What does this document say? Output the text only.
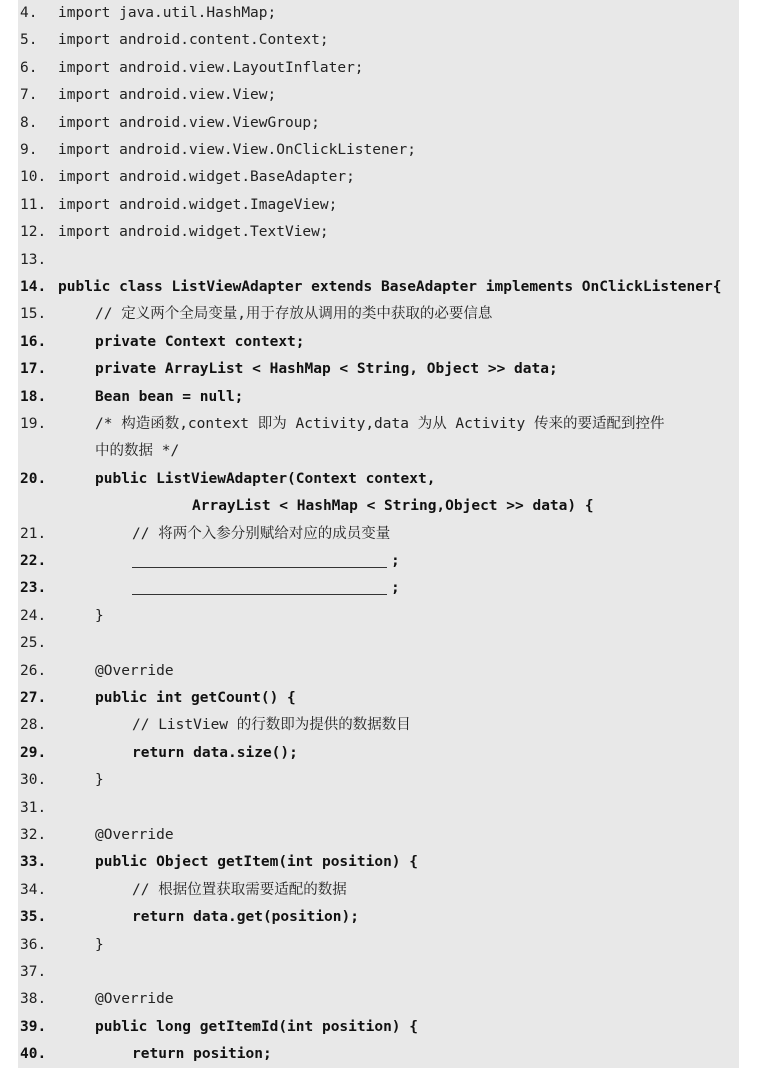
4.	import java.util.HashMap;
5.	import android.content.Context;
6.	import android.view.LayoutInflater;
7.	import android.view.View;
8.	import android.view.ViewGroup;
9.	import android.view.View.OnClickListener;
10. import android.widget.BaseAdapter;
11. import android.widget.ImageView;
12. import android.widget.TextView;
13.
14. public class ListViewAdapter extends BaseAdapter implements OnClickListener{
15.	// 定义两个全局变量,用于存放从调用的类中获取的必要信息
16.	private Context context;
17.	private ArrayList < HashMap < String, Object >> data;
18.	Bean bean = null;
19.	/* 构造函数,context 即为 Activity,data 为从 Activity 传来的要适配到控件
中的数据 */
20.	public ListViewAdapter(Context context,
ArrayList < HashMap < String,Object >> data) {
21.	// 将两个入参分别赋给对应的成员变量
22.	;
23.	;
24.	}
25.
26.	@Override
27.	public int getCount() {
28.	// ListView 的行数即为提供的数据数目
29.	return data.size();
30.	}
31.
32.	@Override
33.	public Object getItem(int position) {
34.	// 根据位置获取需要适配的数据
35.	return data.get(position);
36.	}
37.
38.	@Override
39.	public long getItemId(int position) {
40.	return position;
